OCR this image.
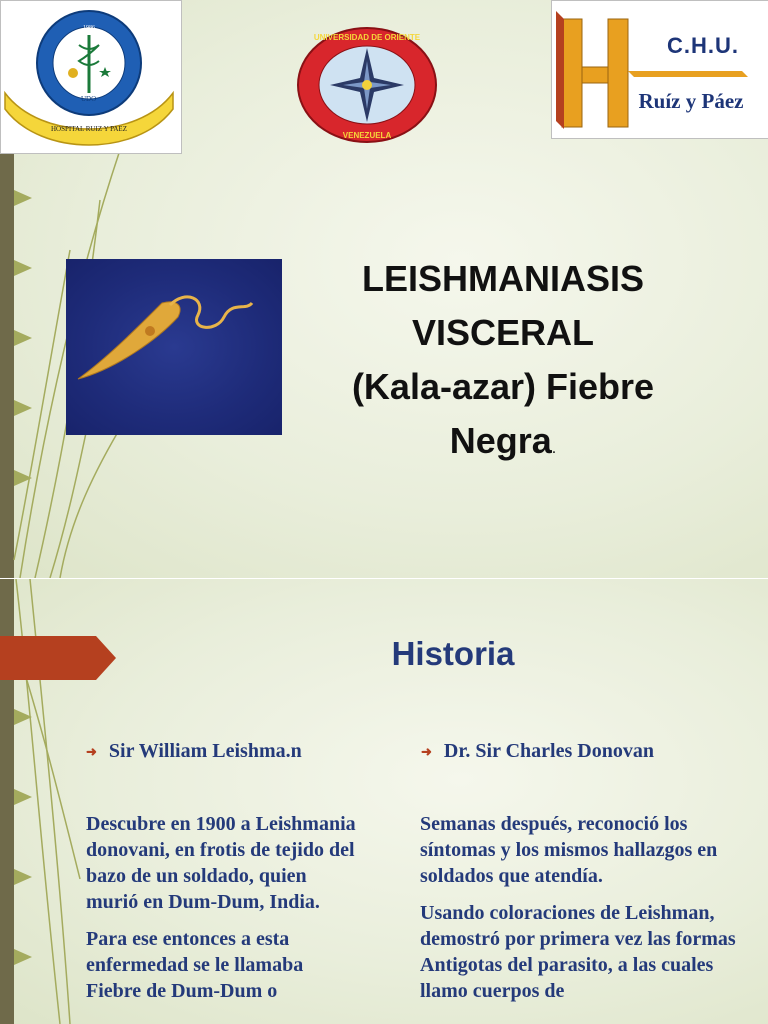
HOSPITAL RUIZ Y PAEZ
UDO
1986
UNIVERSIDAD DE ORIENTE
VENEZUELA
C.H.U.
Ruíz y Páez
LEISHMANIASIS
VISCERAL
(Kala-azar) Fiebre
Negra.
Historia
➜ Sir William Leishma.n	➜ Dr. Sir Charles Donovan

Descubre en 1900 a Leishmania donovani, en frotis de tejido del bazo de un soldado, quien murió en Dum-Dum, India.

Para ese entonces a esta enfermedad se le llamaba Fiebre de Dum-Dum o

Semanas después, reconoció los síntomas y los mismos hallazgos en soldados que atendía.

Usando coloraciones de Leishman, demostró por primera vez las formas Antigotas del parasito, a las cuales llamo cuerpos de
